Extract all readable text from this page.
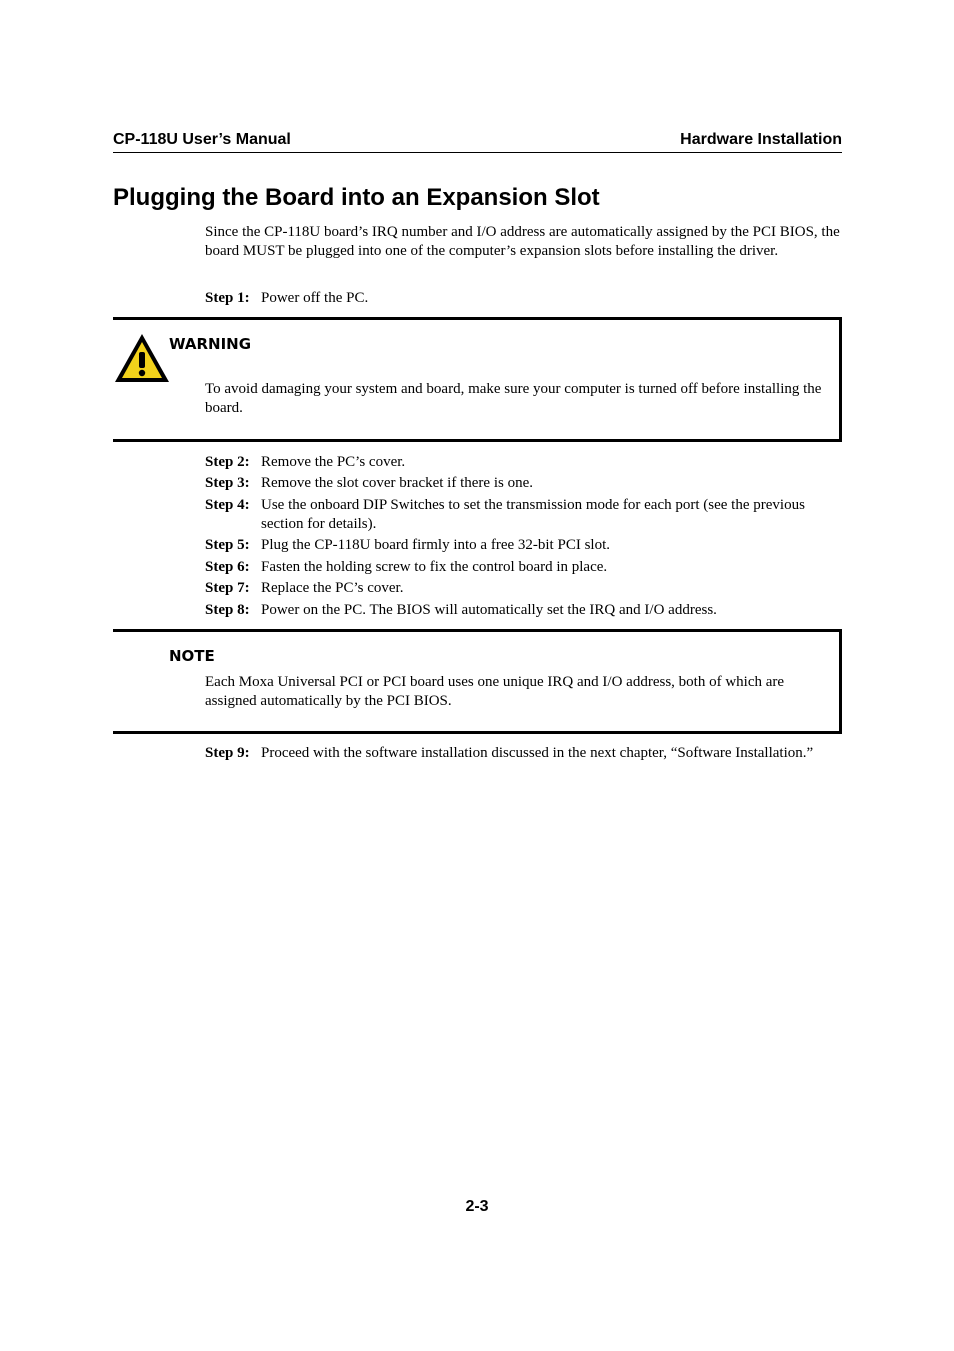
CP-118U User’s Manual	Hardware Installation
Plugging the Board into an Expansion Slot
Since the CP-118U board’s IRQ number and I/O address are automatically assigned by the PCI BIOS, the board MUST be plugged into one of the computer’s expansion slots before installing the driver.
Step 1: Power off the PC.
WARNING
To avoid damaging your system and board, make sure your computer is turned off before installing the board.
Step 2: Remove the PC’s cover.
Step 3: Remove the slot cover bracket if there is one.
Step 4: Use the onboard DIP Switches to set the transmission mode for each port (see the previous section for details).
Step 5: Plug the CP-118U board firmly into a free 32-bit PCI slot.
Step 6: Fasten the holding screw to fix the control board in place.
Step 7: Replace the PC’s cover.
Step 8: Power on the PC. The BIOS will automatically set the IRQ and I/O address.
NOTE
Each Moxa Universal PCI or PCI board uses one unique IRQ and I/O address, both of which are assigned automatically by the PCI BIOS.
Step 9: Proceed with the software installation discussed in the next chapter, “Software Installation.”
2-3
